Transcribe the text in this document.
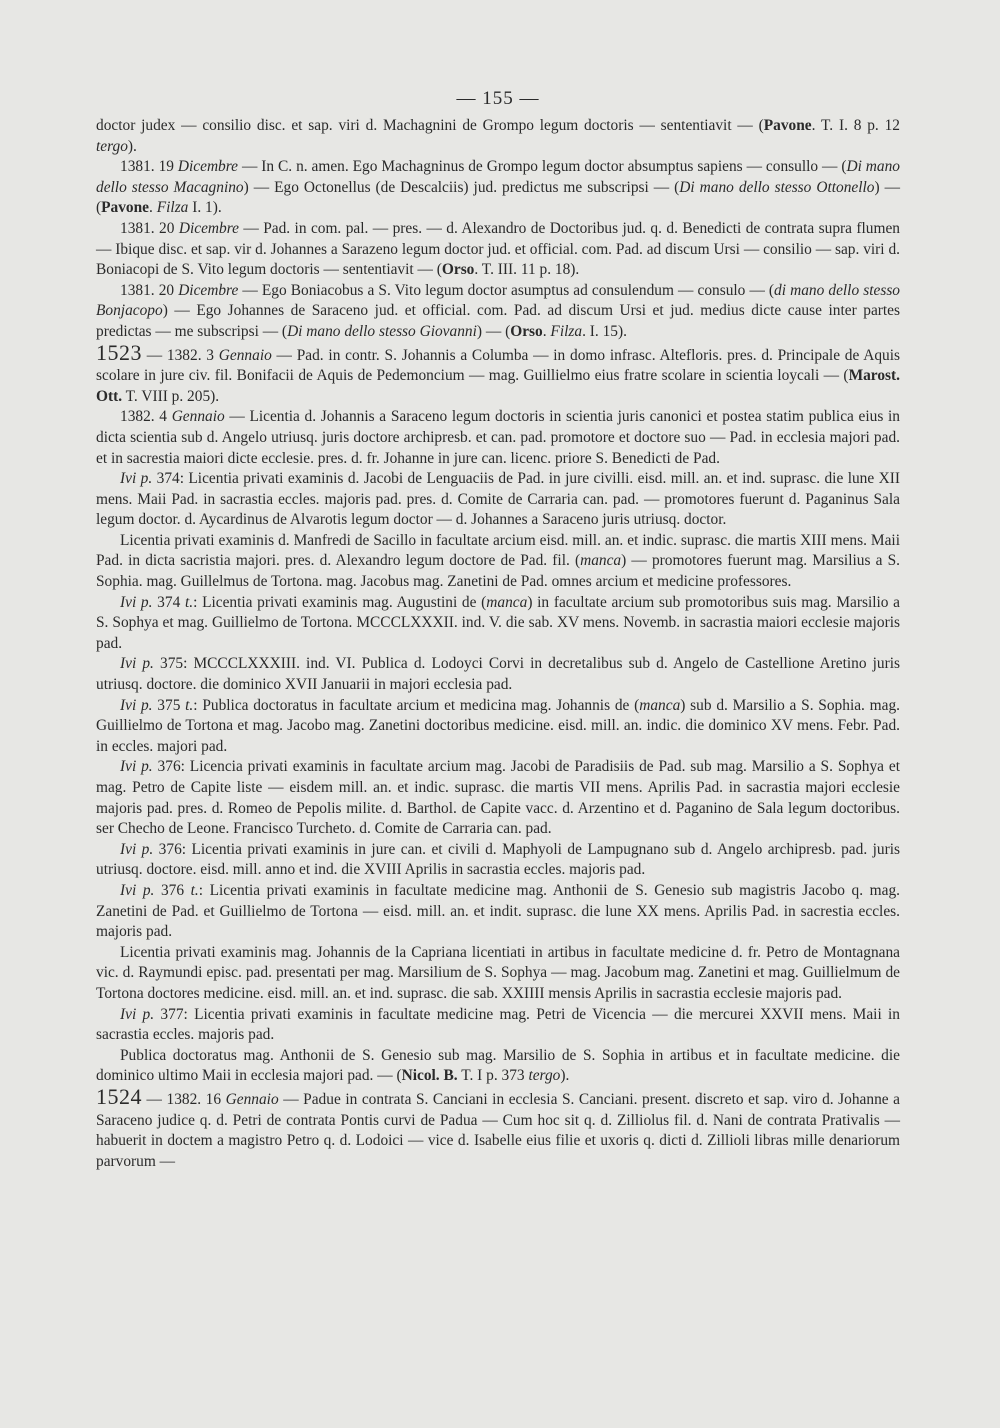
— 155 —

doctor judex — consilio disc. et sap. viri d. Machagnini de Grompo legum doctoris — sententiavit — (Pavone. T. I. 8 p. 12 tergo).

1381. 19 Dicembre — In C. n. amen. Ego Machagninus de Grompo legum doctor absumptus sapiens — consullo — (Di mano dello stesso Macagnino) — Ego Octonellus (de Descalciis) jud. predictus me subscripsi — (Di mano dello stesso Ottonello) — (Pavone. Filza I. 1).

1381. 20 Dicembre — Pad. in com. pal. — pres. — d. Alexandro de Doctoribus jud. q. d. Benedicti de contrata supra flumen — Ibique disc. et sap. vir d. Johannes a Sarazeno legum doctor jud. et official. com. Pad. ad discum Ursi — consilio — sap. viri d. Boniacopi de S. Vito legum doctoris — sententiavit — (Orso. T. III. 11 p. 18).

1381. 20 Dicembre — Ego Boniacobus a S. Vito legum doctor asumptus ad consulendum — consulo — (di mano dello stesso Bonjacopo) — Ego Johannes de Saraceno jud. et official. com. Pad. ad discum Ursi et jud. medius dicte cause inter partes predictas — me subscripsi — (Di mano dello stesso Giovanni) — (Orso. Filza. I. 15).

1523 — 1382. 3 Gennaio — Pad. in contr. S. Johannis a Columba — in domo infrasc. Altefloris. pres. d. Principale de Aquis scolare in jure civ. fil. Bonifacii de Aquis de Pedemoncium — mag. Guillielmo eius fratre scolare in scientia loycali — (Marost. Ott. T. VIII p. 205).

1382. 4 Gennaio — Licentia d. Johannis a Saraceno legum doctoris in scientia juris canonici et postea statim publica eius in dicta scientia sub d. Angelo utriusq. juris doctore archipresb. et can. pad. promotore et doctore suo — Pad. in ecclesia majori pad. et in sacrestia maiori dicte ecclesie. pres. d. fr. Johanne in jure can. licenc. priore S. Benedicti de Pad.

Ivi p. 374: Licentia privati examinis d. Jacobi de Lenguaciis de Pad. in jure civilli. eisd. mill. an. et ind. suprasc. die lune XII mens. Maii Pad. in sacrastia eccles. majoris pad. pres. d. Comite de Carraria can. pad. — promotores fuerunt d. Paganinus Sala legum doctor. d. Aycardinus de Alvarotis legum doctor — d. Johannes a Saraceno juris utriusq. doctor.

Licentia privati examinis d. Manfredi de Sacillo in facultate arcium eisd. mill. an. et indic. suprasc. die martis XIII mens. Maii Pad. in dicta sacristia majori. pres. d. Alexandro legum doctore de Pad. fil. (manca) — promotores fuerunt mag. Marsilius a S. Sophia. mag. Guillelmus de Tortona. mag. Jacobus mag. Zanetini de Pad. omnes arcium et medicine professores.

Ivi p. 374 t.: Licentia privati examinis mag. Augustini de (manca) in facultate arcium sub promotoribus suis mag. Marsilio a S. Sophya et mag. Guillielmo de Tortona. MCCCLXXXII. ind. V. die sab. XV mens. Novemb. in sacrastia maiori ecclesie majoris pad.

Ivi p. 375: MCCCLXXXIII. ind. VI. Publica d. Lodoyci Corvi in decretalibus sub d. Angelo de Castellione Aretino juris utriusq. doctore. die dominico XVII Januarii in majori ecclesia pad.

Ivi p. 375 t.: Publica doctoratus in facultate arcium et medicina mag. Johannis de (manca) sub d. Marsilio a S. Sophia. mag. Guillielmo de Tortona et mag. Jacobo mag. Zanetini doctoribus medicine. eisd. mill. an. indic. die dominico XV mens. Febr. Pad. in eccles. majori pad.

Ivi p. 376: Licencia privati examinis in facultate arcium mag. Jacobi de Paradisiis de Pad. sub mag. Marsilio a S. Sophya et mag. Petro de Capite liste — eisdem mill. an. et indic. suprasc. die martis VII mens. Aprilis Pad. in sacrastia majori ecclesie majoris pad. pres. d. Romeo de Pepolis milite. d. Barthol. de Capite vacc. d. Arzentino et d. Paganino de Sala legum doctoribus. ser Checho de Leone. Francisco Turcheto. d. Comite de Carraria can. pad.

Ivi p. 376: Licentia privati examinis in jure can. et civili d. Maphyoli de Lampugnano sub d. Angelo archipresb. pad. juris utriusq. doctore. eisd. mill. anno et ind. die XVIII Aprilis in sacrastia eccles. majoris pad.

Ivi p. 376 t.: Licentia privati examinis in facultate medicine mag. Anthonii de S. Genesio sub magistris Jacobo q. mag. Zanetini de Pad. et Guillielmo de Tortona — eisd. mill. an. et indit. suprasc. die lune XX mens. Aprilis Pad. in sacrestia eccles. majoris pad.

Licentia privati examinis mag. Johannis de la Capriana licentiati in artibus in facultate medicine d. fr. Petro de Montagnana vic. d. Raymundi episc. pad. presentati per mag. Marsilium de S. Sophya — mag. Jacobum mag. Zanetini et mag. Guillielmum de Tortona doctores medicine. eisd. mill. an. et ind. suprasc. die sab. XXIIII mensis Aprilis in sacrastia ecclesie majoris pad.

Ivi p. 377: Licentia privati examinis in facultate medicine mag. Petri de Vicencia — die mercurei XXVII mens. Maii in sacrastia eccles. majoris pad.

Publica doctoratus mag. Anthonii de S. Genesio sub mag. Marsilio de S. Sophia in artibus et in facultate medicine. die dominico ultimo Maii in ecclesia majori pad. — (Nicol. B. T. I p. 373 tergo).

1524 — 1382. 16 Gennaio — Padue in contrata S. Canciani in ecclesia S. Canciani. present. discreto et sap. viro d. Johanne a Saraceno judice q. d. Petri de contrata Pontis curvi de Padua — Cum hoc sit q. d. Zilliolus fil. d. Nani de contrata Prativalis — habuerit in doctem a magistro Petro q. d. Lodoici — vice d. Isabelle eius filie et uxoris q. dicti d. Zillioli libras mille denariorum parvorum —
